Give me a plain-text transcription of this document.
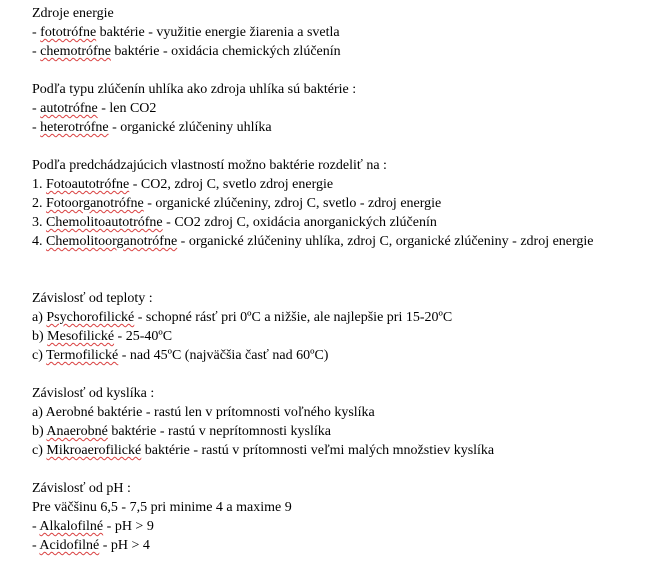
Zdroje energie
- fototrófne baktérie - využitie energie žiarenia a svetla
- chemotrófne baktérie - oxidácia chemických zlúčenín
Podľa typu zlúčenín uhlíka ako zdroja uhlíka sú baktérie :
- autotrófne - len CO2
- heterotrófne - organické zlúčeniny uhlíka
Podľa predchádzajúcich vlastností možno baktérie rozdeliť na :
1. Fotoautotrófne - CO2, zdroj C, svetlo zdroj energie
2. Fotoorganotrófne - organické zlúčeniny, zdroj C, svetlo - zdroj energie
3. Chemolitoautotrófne - CO2 zdroj C, oxidácia anorganických zlúčenín
4. Chemolitoorganotrófne - organické zlúčeniny uhlíka, zdroj C, organické zlúčeniny - zdroj energie
Závislosť od teploty :
a) Psychorofilické - schopné rásť pri 0ºC a nižšie, ale najlepšie pri 15-20ºC
b) Mesofilické - 25-40ºC
c) Termofilické - nad 45ºC (najväčšia časť nad 60ºC)
Závislosť od kyslíka :
a) Aerobné baktérie - rastú len v prítomnosti voľného kyslíka
b) Anaerobné baktérie - rastú v neprítomnosti kyslíka
c) Mikroaerofilické baktérie - rastú v prítomnosti veľmi malých množstiev kyslíka
Závislosť od pH :
Pre väčšinu 6,5 - 7,5 pri minime 4 a maxime 9
- Alkalofilné - pH > 9
- Acidofilné - pH > 4
